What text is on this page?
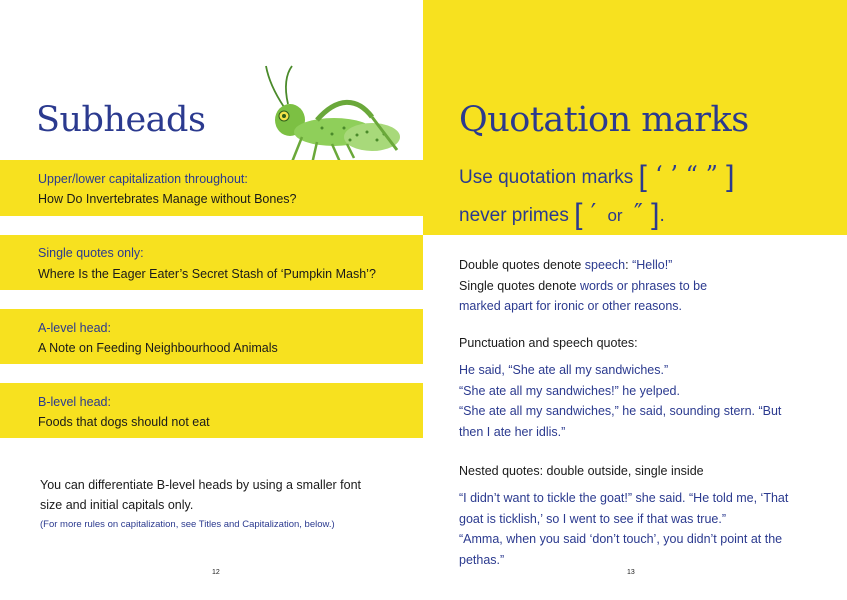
Subheads
Upper/lower capitalization throughout:
How Do Invertebrates Manage without Bones?
Single quotes only:
Where Is the Eager Eater’s Secret Stash of ‘Pumpkin Mash’?
A-level head:
A Note on Feeding Neighbourhood Animals
B-level head:
Foods that dogs should not eat
You can differentiate B-level heads by using a smaller font
size and initial capitals only.
(For more rules on capitalization, see Titles and Capitalization, below.)
12
Quotation marks
Use quotation marks [ ‘ ’ “ ” ]
never primes [ ′ or ″ ].
Double quotes denote speech: “Hello!”
Single quotes denote words or phrases to be
marked apart for ironic or other reasons.
Punctuation and speech quotes:
He said, “She ate all my sandwiches.”
“She ate all my sandwiches!” he yelped.
“She ate all my sandwiches,” he said, sounding stern. “But
then I ate her idlis.”
Nested quotes: double outside, single inside
“I didn’t want to tickle the goat!” she said. “He told me, ‘That
goat is ticklish,’ so I went to see if that was true.”
“Amma, when you said ‘don’t touch’, you didn’t point at the
pethas.”
13
